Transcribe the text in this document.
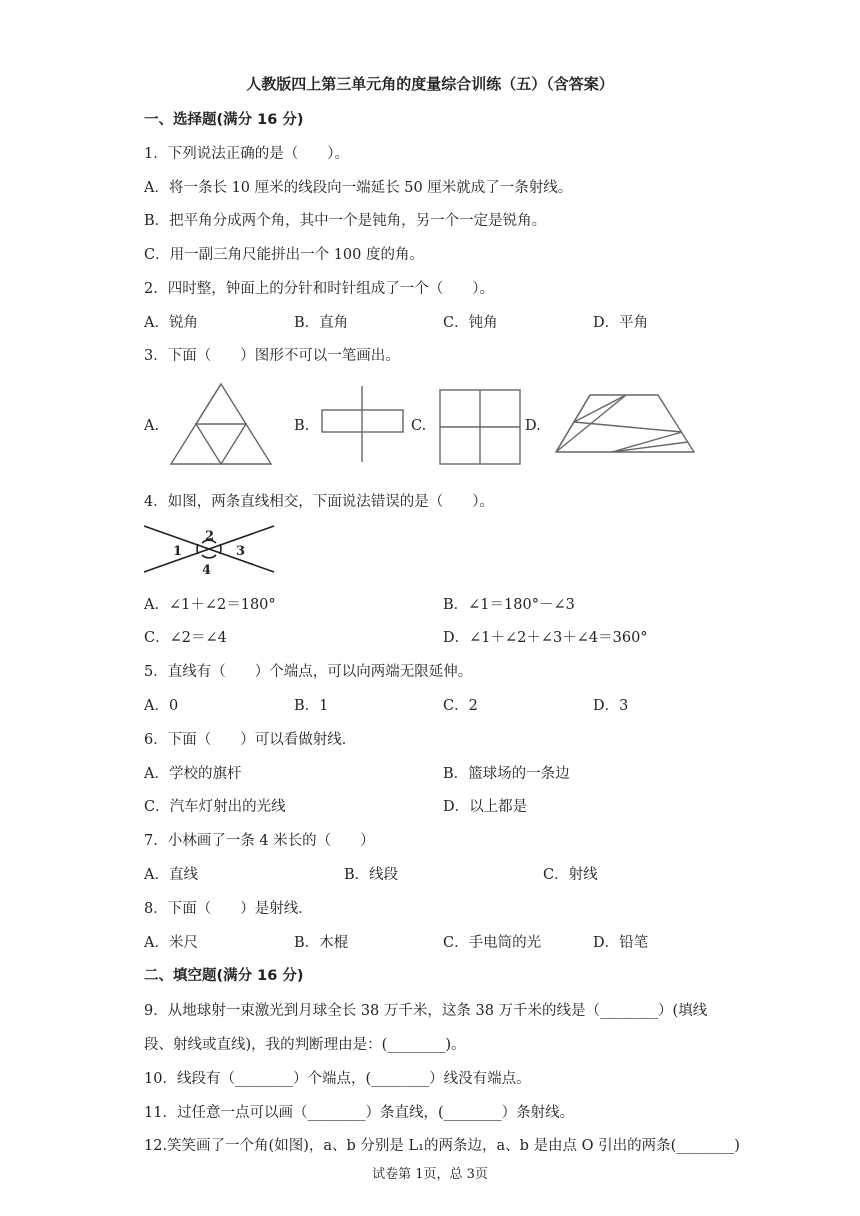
人教版四上第三单元角的度量综合训练（五）（含答案）
一、选择题(满分 16 分)
1．下列说法正确的是（　　）。
A．将一条长 10 厘米的线段向一端延长 50 厘米就成了一条射线。
B．把平角分成两个角，其中一个是钝角，另一个一定是锐角。
C．用一副三角尺能拼出一个 100 度的角。
2．四时整，钟面上的分针和时针组成了一个（　　）。
A．锐角	B．直角	C．钝角	D．平角
3．下面（　　）图形不可以一笔画出。
A.	B.	C.	D.
4．如图，两条直线相交，下面说法错误的是（　　）。
1
2
3
4
A．∠1＋∠2＝180°	B．∠1＝180°－∠3
C．∠2＝∠4	D．∠1＋∠2＋∠3＋∠4＝360°
5．直线有（　　）个端点，可以向两端无限延伸。
A．0	B．1	C．2	D．3
6．下面（　　）可以看做射线．
A．学校的旗杆	B．篮球场的一条边
C．汽车灯射出的光线	D．以上都是
7．小林画了一条 4 米长的（　　）
A．直线	B．线段	C．射线
8．下面（　　）是射线．
A．米尺	B．木棍	C．手电筒的光	D．铅笔
二、填空题(满分 16 分)
9．从地球射一束激光到月球全长 38 万千米，这条 38 万千米的线是（________）(填线
段、射线或直线)，我的判断理由是：(________)。
10．线段有（________）个端点，(________）线没有端点。
11．过任意一点可以画（________）条直线，(________）条射线。
12.笑笑画了一个角(如图)，a、b 分别是 L₁的两条边，a、b 是由点 O 引出的两条(________)
试卷第 1页，总 3页
